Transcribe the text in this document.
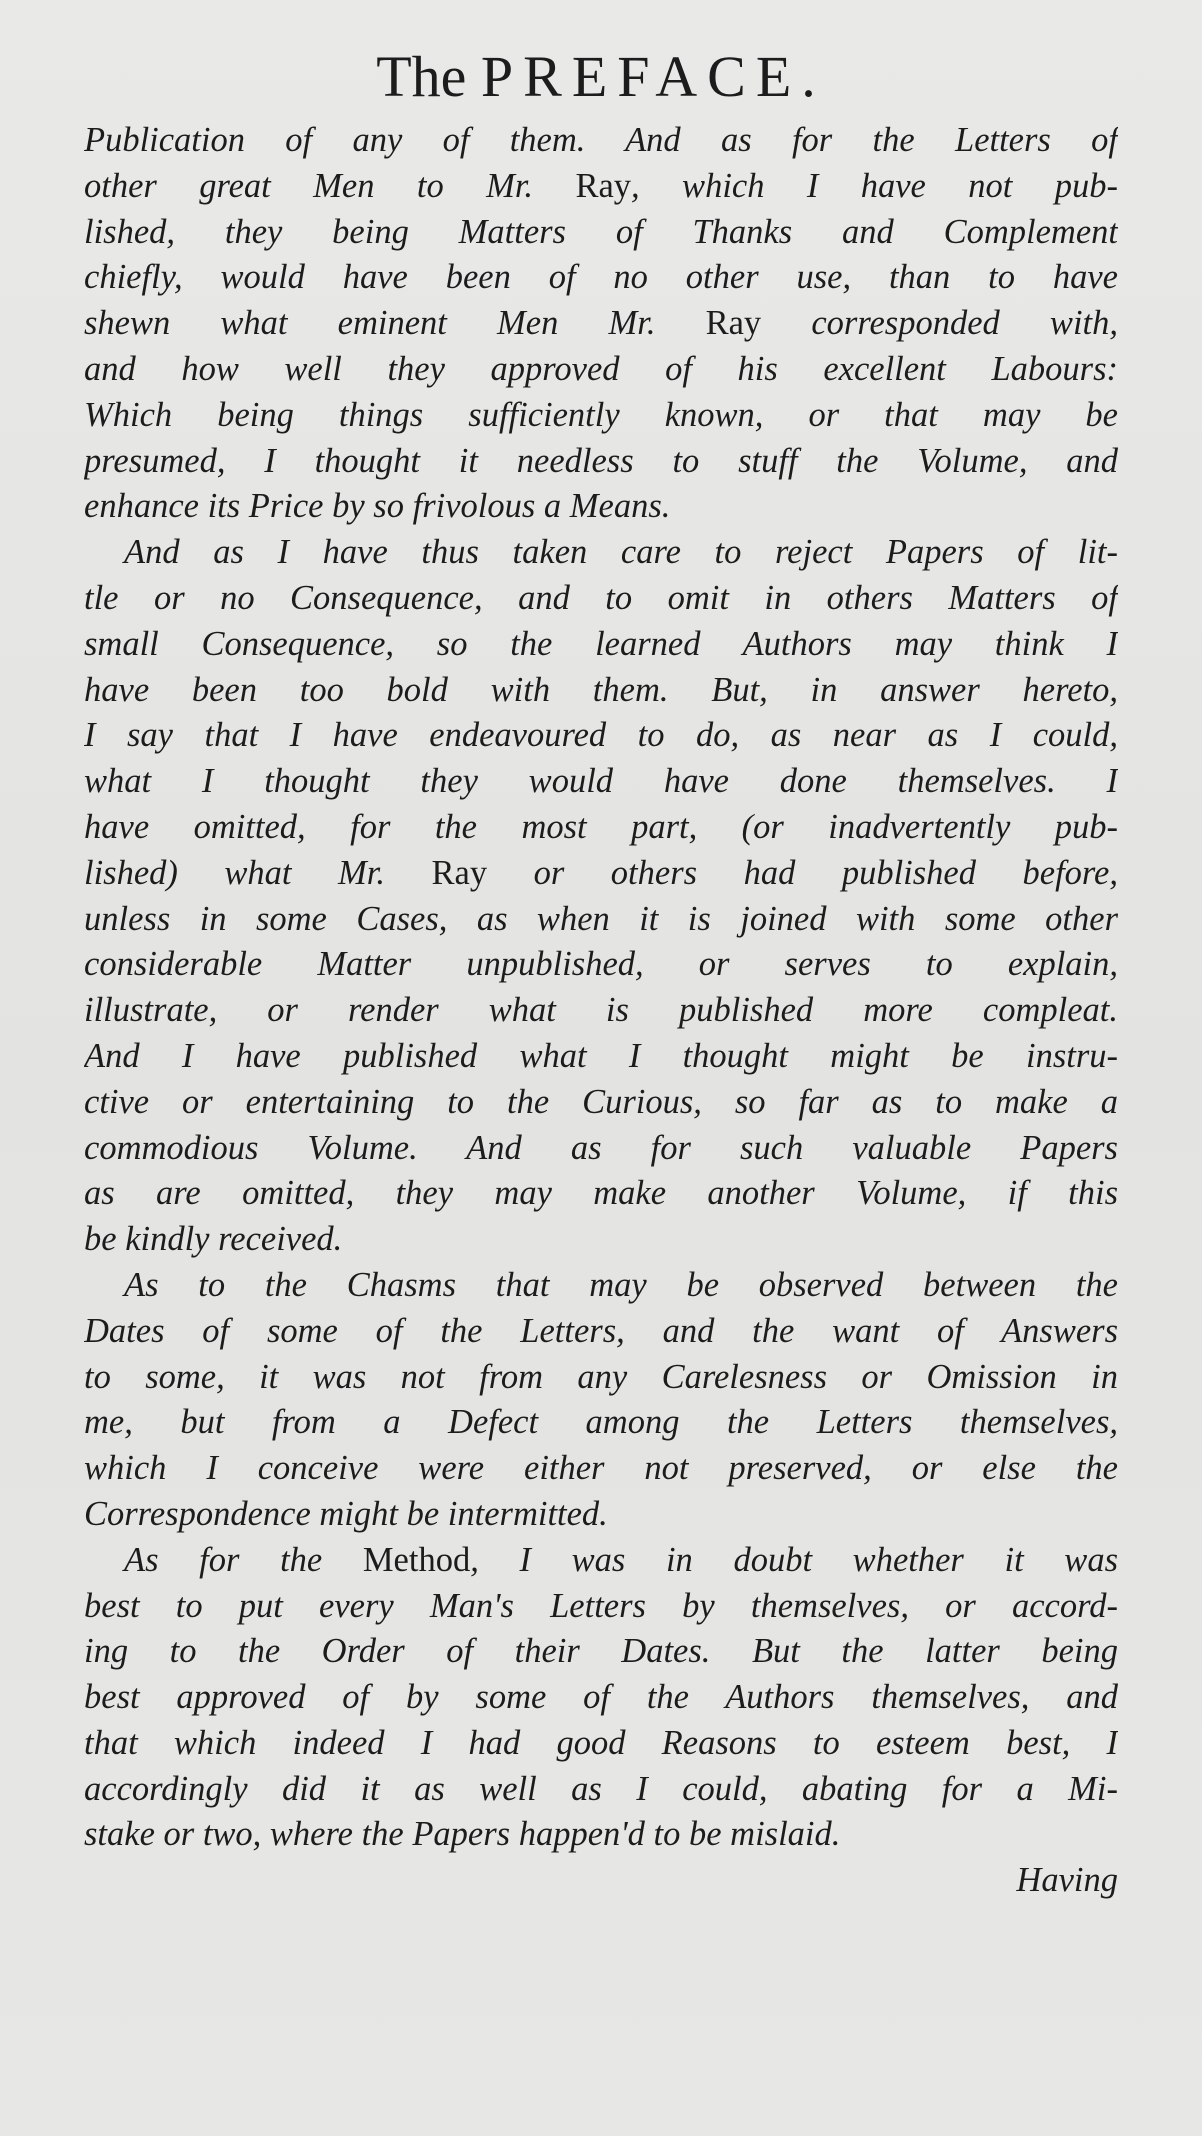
The PREFACE.
Publication of any of them. And as for the Letters of
other great Men to Mr. Ray, which I have not pub-
lished, they being Matters of Thanks and Complement
chiefly, would have been of no other use, than to have
shewn what eminent Men Mr. Ray corresponded with,
and how well they approved of his excellent Labours:
Which being things sufficiently known, or that may be
presumed, I thought it needless to stuff the Volume, and
enhance its Price by so frivolous a Means.
And as I have thus taken care to reject Papers of lit-
tle or no Consequence, and to omit in others Matters of
small Consequence, so the learned Authors may think I
have been too bold with them. But, in answer hereto,
I say that I have endeavoured to do, as near as I could,
what I thought they would have done themselves. I
have omitted, for the most part, (or inadvertently pub-
lished) what Mr. Ray or others had published before,
unless in some Cases, as when it is joined with some other
considerable Matter unpublished, or serves to explain,
illustrate, or render what is published more compleat.
And I have published what I thought might be instru-
ctive or entertaining to the Curious, so far as to make a
commodious Volume. And as for such valuable Papers
as are omitted, they may make another Volume, if this
be kindly received.
As to the Chasms that may be observed between the
Dates of some of the Letters, and the want of Answers
to some, it was not from any Carelesness or Omission in
me, but from a Defect among the Letters themselves,
which I conceive were either not preserved, or else the
Correspondence might be intermitted.
As for the Method, I was in doubt whether it was
best to put every Man's Letters by themselves, or accord-
ing to the Order of their Dates. But the latter being
best approved of by some of the Authors themselves, and
that which indeed I had good Reasons to esteem best, I
accordingly did it as well as I could, abating for a Mi-
stake or two, where the Papers happen'd to be mislaid.
Having
